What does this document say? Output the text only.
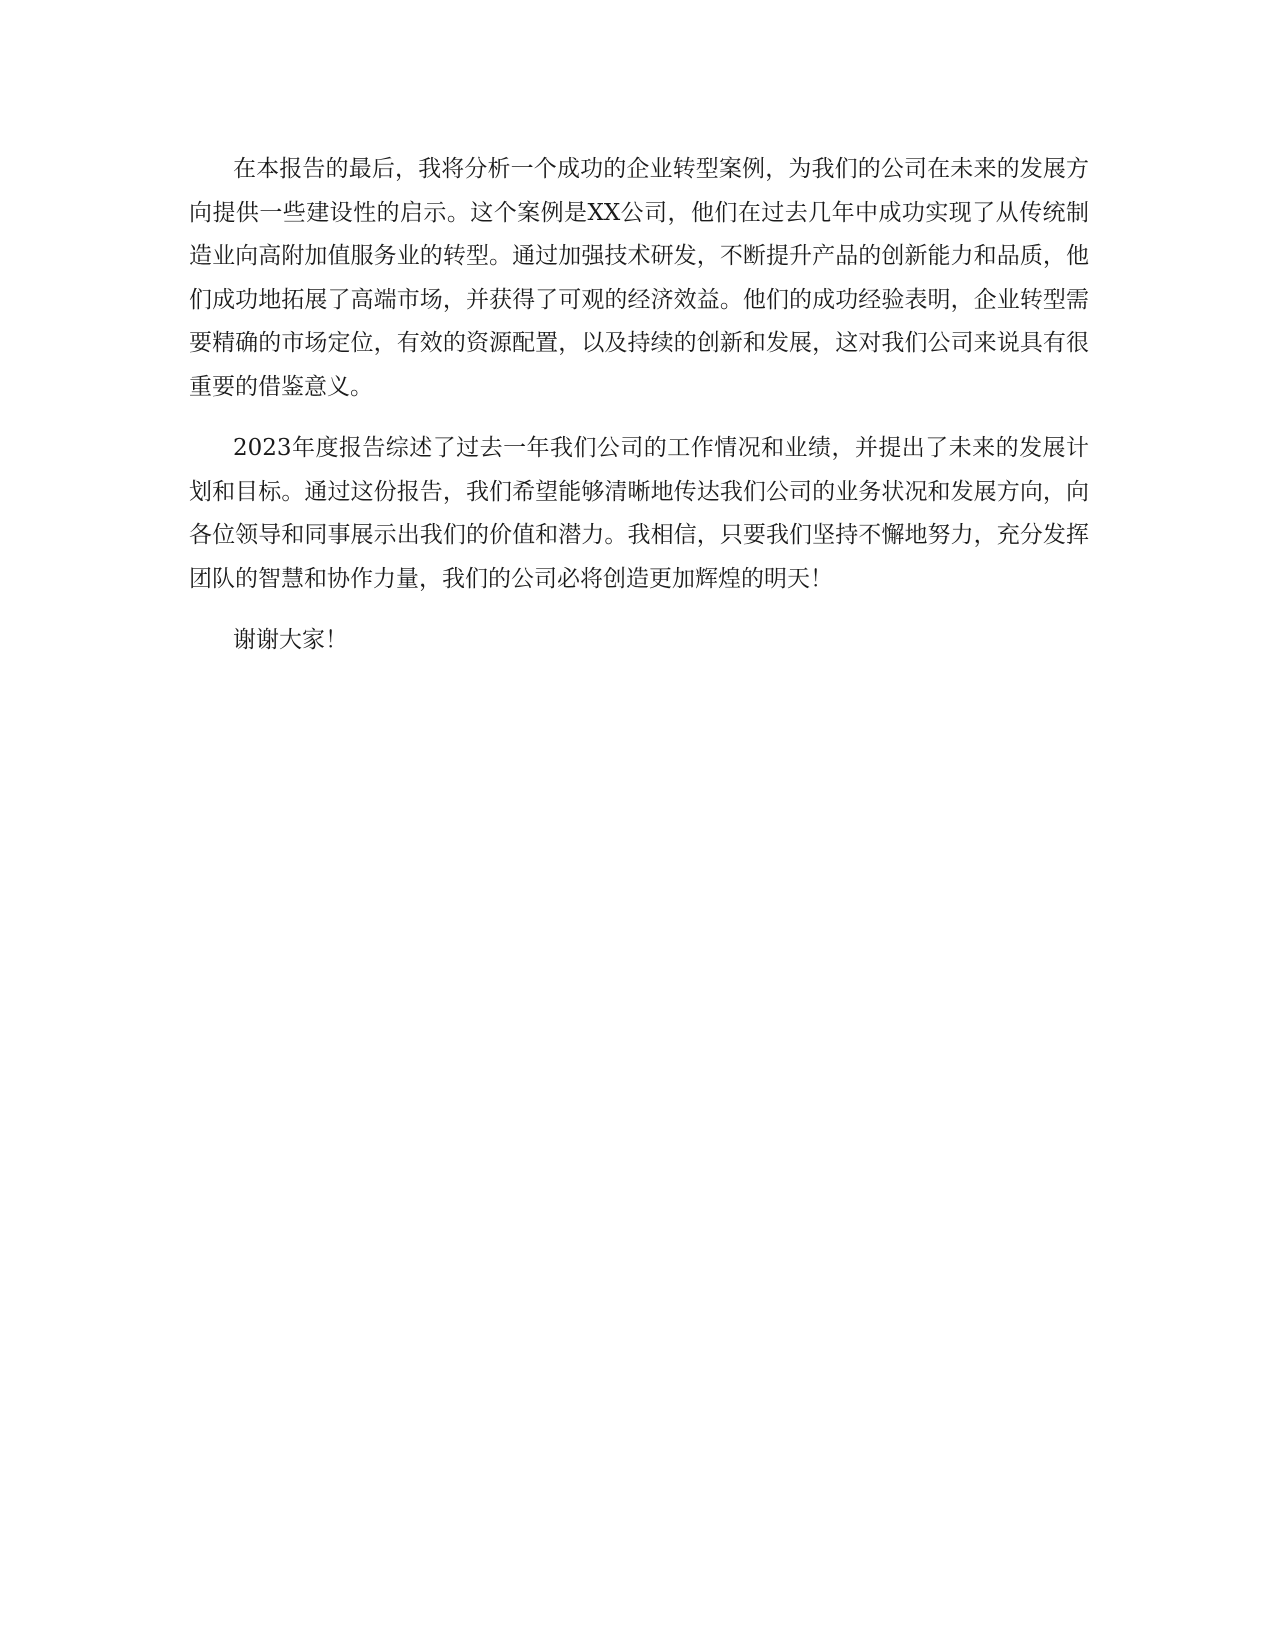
在本报告的最后，我将分析一个成功的企业转型案例，为我们的公司在未来的发展方向提供一些建设性的启示。这个案例是XX公司，他们在过去几年中成功实现了从传统制造业向高附加值服务业的转型。通过加强技术研发，不断提升产品的创新能力和品质，他们成功地拓展了高端市场，并获得了可观的经济效益。他们的成功经验表明，企业转型需要精确的市场定位，有效的资源配置，以及持续的创新和发展，这对我们公司来说具有很重要的借鉴意义。

2023年度报告综述了过去一年我们公司的工作情况和业绩，并提出了未来的发展计划和目标。通过这份报告，我们希望能够清晰地传达我们公司的业务状况和发展方向，向各位领导和同事展示出我们的价值和潜力。我相信，只要我们坚持不懈地努力，充分发挥团队的智慧和协作力量，我们的公司必将创造更加辉煌的明天！

谢谢大家！
